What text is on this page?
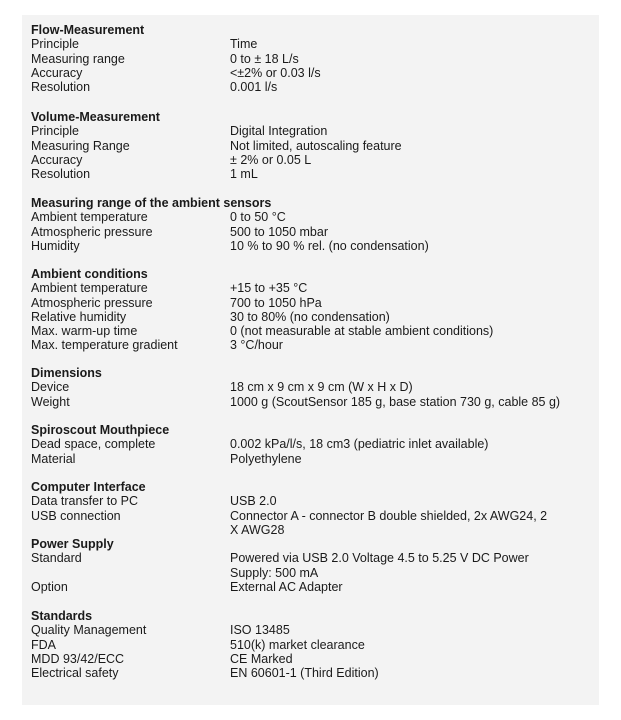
Flow-Measurement
Principle	Time
Measuring range	0 to ± 18 L/s
Accuracy	<±2% or 0.03 l/s
Resolution	0.001 l/s
Volume-Measurement
Principle	Digital Integration
Measuring Range	Not limited, autoscaling feature
Accuracy	± 2% or 0.05 L
Resolution	1 mL
Measuring range of the ambient sensors
Ambient temperature	0 to 50 °C
Atmospheric pressure	500 to 1050 mbar
Humidity	10 % to 90 % rel. (no condensation)
Ambient conditions
Ambient temperature	+15 to +35 °C
Atmospheric pressure	700 to 1050 hPa
Relative humidity	30 to 80% (no condensation)
Max. warm-up time	0 (not measurable at stable ambient conditions)
Max. temperature gradient	3 °C/hour
Dimensions
Device	18 cm x 9 cm x 9 cm (W x H x D)
Weight	1000 g (ScoutSensor 185 g, base station 730 g, cable 85 g)
Spiroscout Mouthpiece
Dead space, complete	0.002 kPa/l/s, 18 cm3 (pediatric inlet available)
Material	Polyethylene
Computer Interface
Data transfer to PC	USB 2.0
USB connection	Connector A - connector B double shielded, 2x AWG24, 2
X AWG28
Power Supply
Standard	Powered via USB 2.0 Voltage 4.5 to 5.25 V DC Power
Supply: 500 mA
Option	External AC Adapter
Standards
Quality Management	ISO 13485
FDA	510(k) market clearance
MDD 93/42/ECC	CE Marked
Electrical safety	EN 60601-1 (Third Edition)
